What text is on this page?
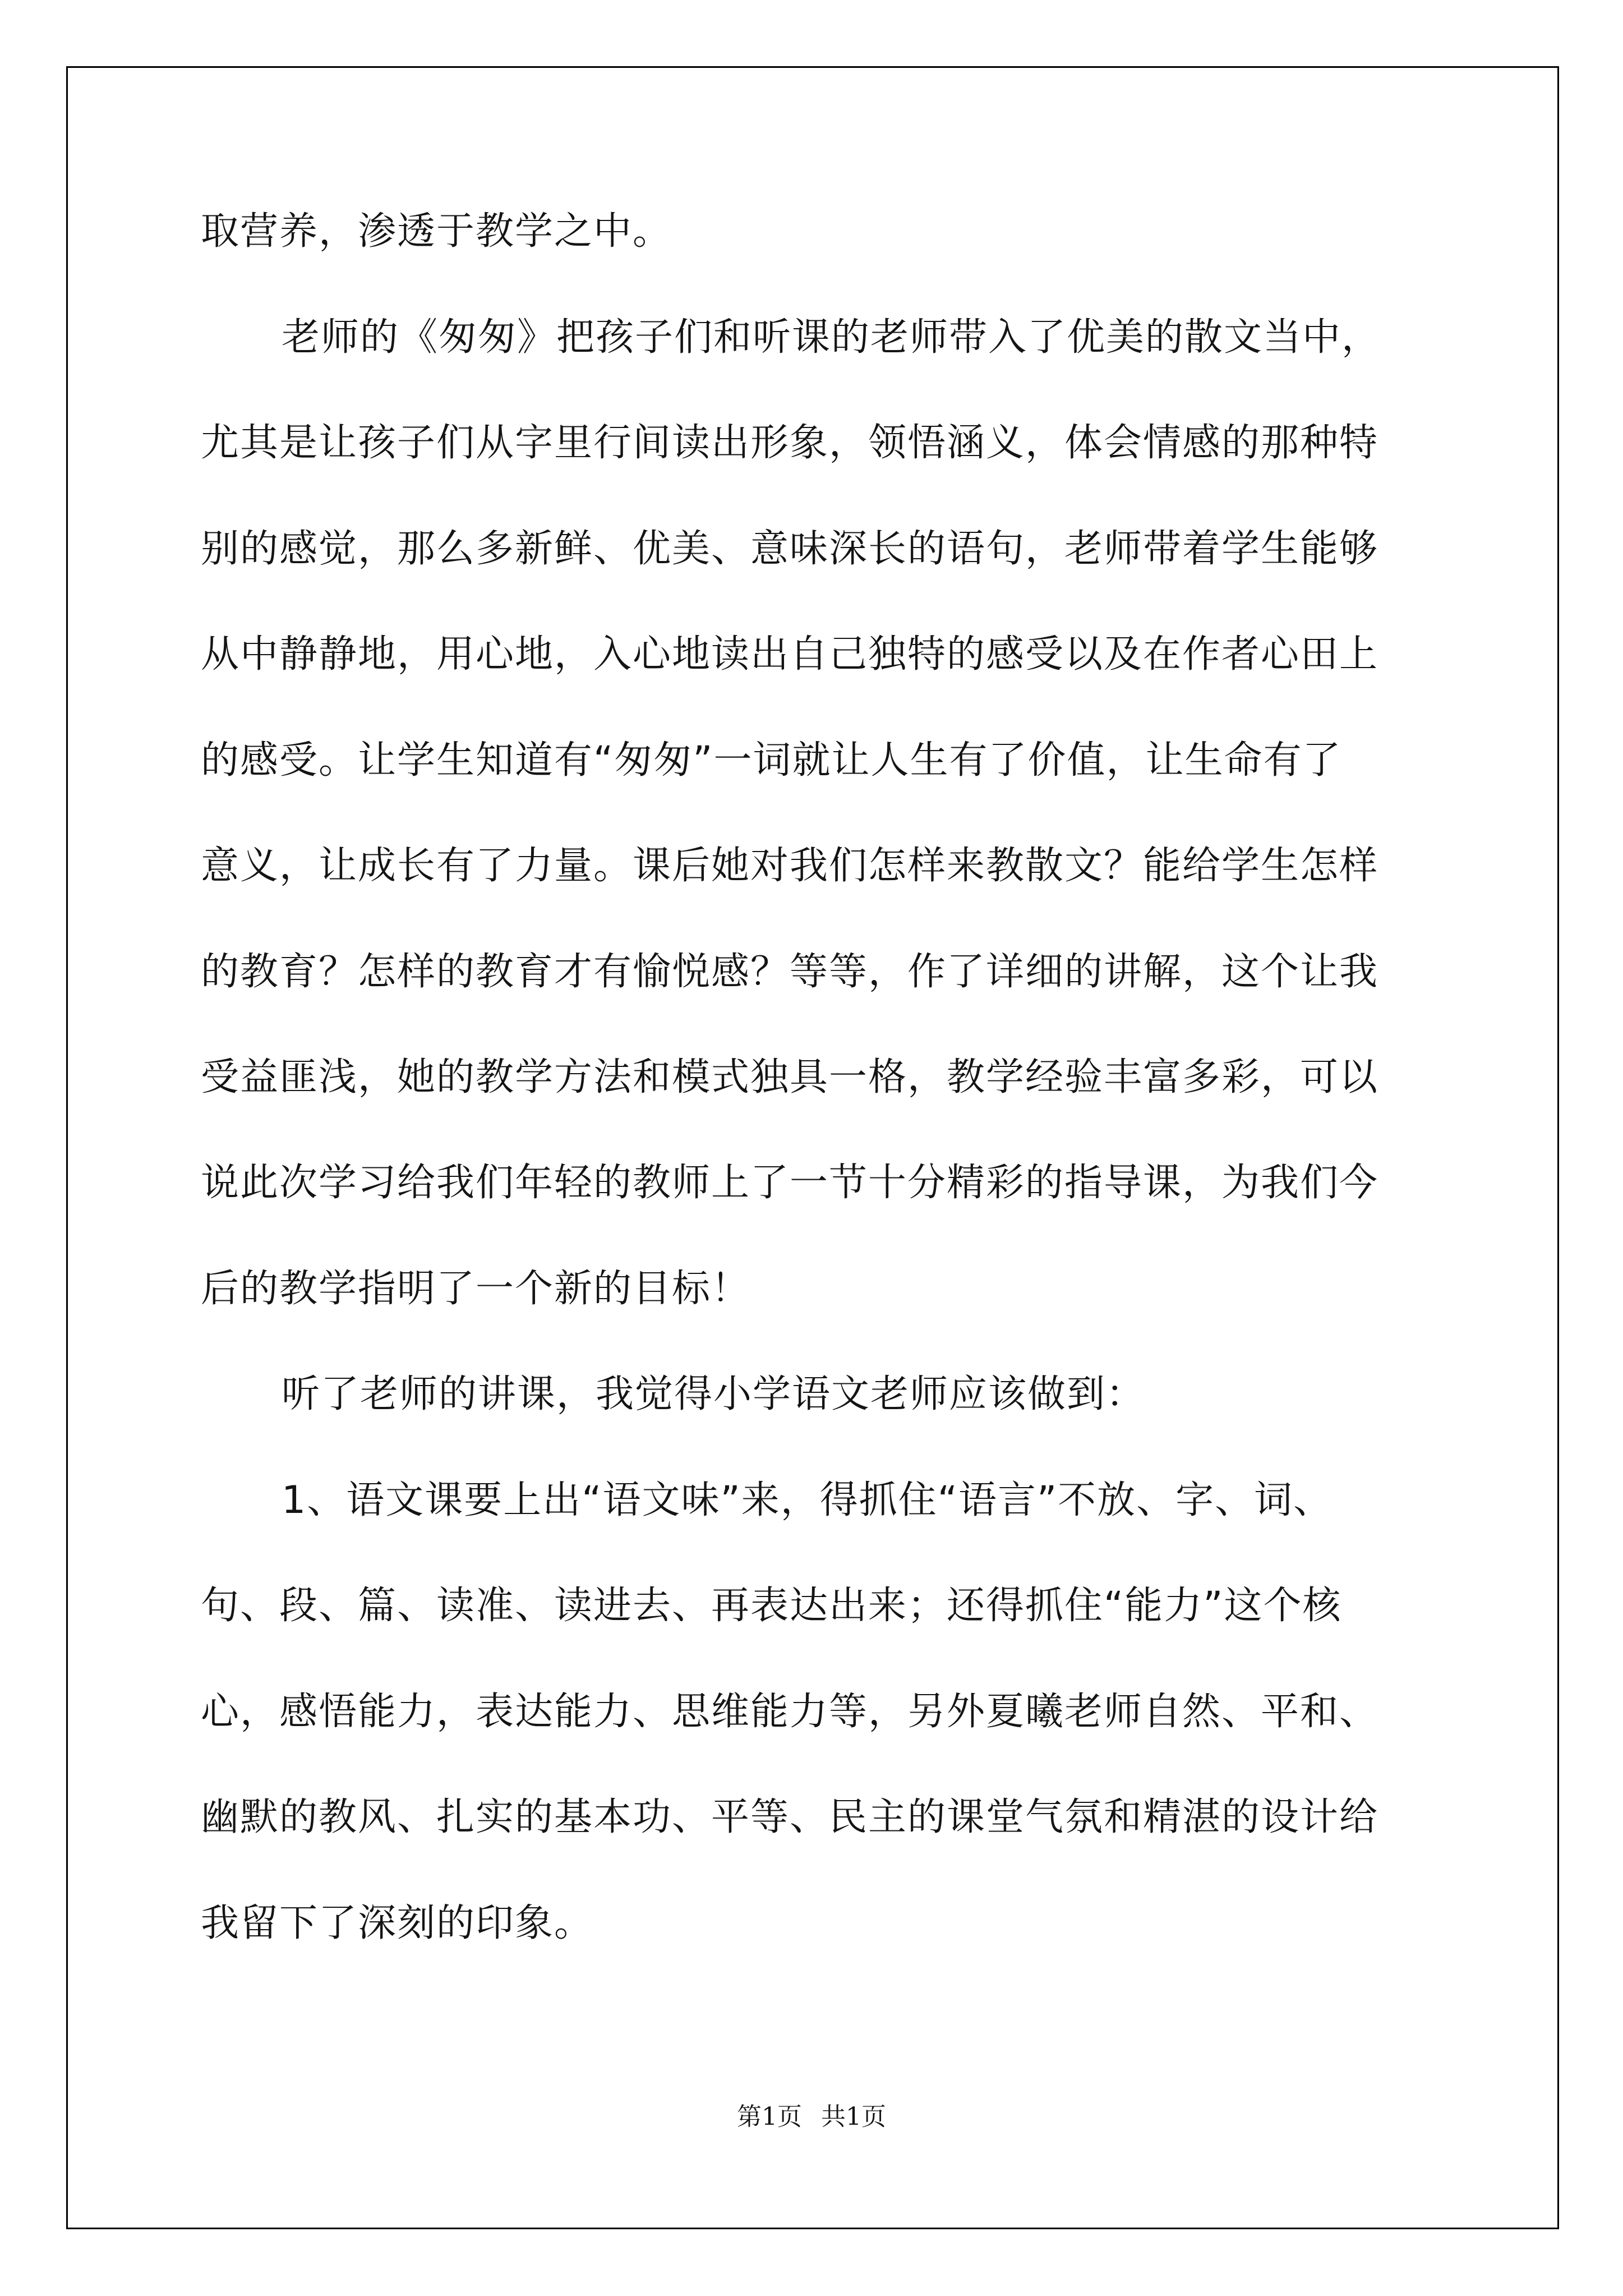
取营养，渗透于教学之中。
老师的《匆匆》把孩子们和听课的老师带入了优美的散文当中，
尤其是让孩子们从字里行间读出形象，领悟涵义，体会情感的那种特
别的感觉，那么多新鲜、优美、意味深长的语句，老师带着学生能够
从中静静地，用心地，入心地读出自己独特的感受以及在作者心田上
的感受。让学生知道有“匆匆”一词就让人生有了价值，让生命有了
意义，让成长有了力量。课后她对我们怎样来教散文？能给学生怎样
的教育？怎样的教育才有愉悦感？等等，作了详细的讲解，这个让我
受益匪浅，她的教学方法和模式独具一格，教学经验丰富多彩，可以
说此次学习给我们年轻的教师上了一节十分精彩的指导课，为我们今
后的教学指明了一个新的目标！
听了老师的讲课，我觉得小学语文老师应该做到：
1、语文课要上出“语文味”来，得抓住“语言”不放、字、词、
句、段、篇、读准、读进去、再表达出来；还得抓住“能力”这个核
心，感悟能力，表达能力、思维能力等，另外夏曦老师自然、平和、
幽默的教风、扎实的基本功、平等、民主的课堂气氛和精湛的设计给
我留下了深刻的印象。
第1页 共1页
